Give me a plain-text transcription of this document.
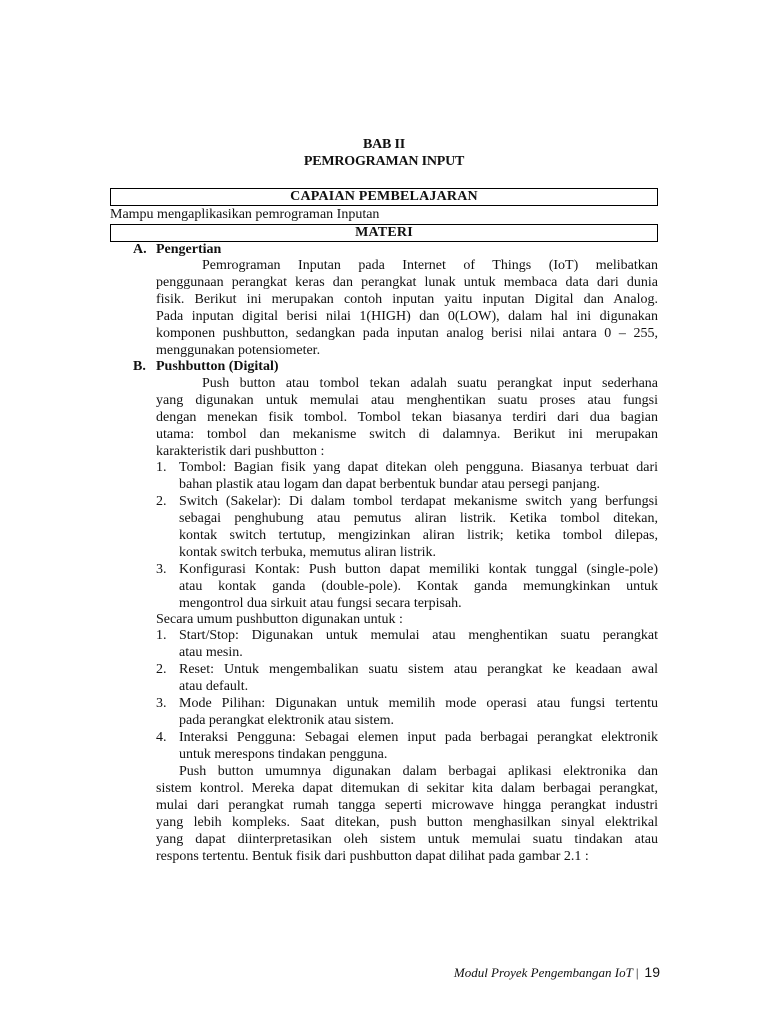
BAB II
PEMROGRAMAN INPUT
CAPAIAN PEMBELAJARAN
Mampu mengaplikasikan pemrograman Inputan
MATERI
A. Pengertian
Pemrograman Inputan pada Internet of Things (IoT) melibatkan
penggunaan perangkat keras dan perangkat lunak untuk membaca data dari dunia
fisik. Berikut ini merupakan contoh inputan yaitu inputan Digital dan Analog.
Pada inputan digital berisi nilai 1(HIGH) dan 0(LOW), dalam hal ini digunakan
komponen pushbutton, sedangkan pada inputan analog berisi nilai antara 0 – 255,
menggunakan potensiometer.
B. Pushbutton (Digital)
Push button atau tombol tekan adalah suatu perangkat input sederhana
yang digunakan untuk memulai atau menghentikan suatu proses atau fungsi
dengan menekan fisik tombol. Tombol tekan biasanya terdiri dari dua bagian
utama: tombol dan mekanisme switch di dalamnya. Berikut ini merupakan
karakteristik dari pushbutton :
1. Tombol: Bagian fisik yang dapat ditekan oleh pengguna. Biasanya terbuat dari
bahan plastik atau logam dan dapat berbentuk bundar atau persegi panjang.
2. Switch (Sakelar): Di dalam tombol terdapat mekanisme switch yang berfungsi
sebagai penghubung atau pemutus aliran listrik. Ketika tombol ditekan,
kontak switch tertutup, mengizinkan aliran listrik; ketika tombol dilepas,
kontak switch terbuka, memutus aliran listrik.
3. Konfigurasi Kontak: Push button dapat memiliki kontak tunggal (single-pole)
atau kontak ganda (double-pole). Kontak ganda memungkinkan untuk
mengontrol dua sirkuit atau fungsi secara terpisah.
Secara umum pushbutton digunakan untuk :
1. Start/Stop: Digunakan untuk memulai atau menghentikan suatu perangkat
atau mesin.
2. Reset: Untuk mengembalikan suatu sistem atau perangkat ke keadaan awal
atau default.
3. Mode Pilihan: Digunakan untuk memilih mode operasi atau fungsi tertentu
pada perangkat elektronik atau sistem.
4. Interaksi Pengguna: Sebagai elemen input pada berbagai perangkat elektronik
untuk merespons tindakan pengguna.
Push button umumnya digunakan dalam berbagai aplikasi elektronika dan
sistem kontrol. Mereka dapat ditemukan di sekitar kita dalam berbagai perangkat,
mulai dari perangkat rumah tangga seperti microwave hingga perangkat industri
yang lebih kompleks. Saat ditekan, push button menghasilkan sinyal elektrikal
yang dapat diinterpretasikan oleh sistem untuk memulai suatu tindakan atau
respons tertentu. Bentuk fisik dari pushbutton dapat dilihat pada gambar 2.1 :
Modul Proyek Pengembangan IoT | 19
